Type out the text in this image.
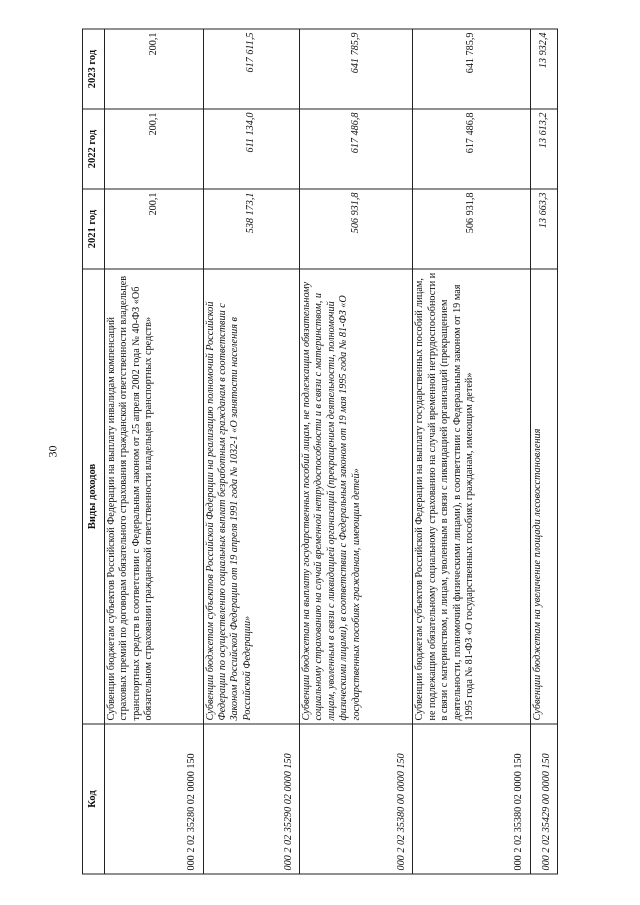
30
Код	Виды доходов	2021 год	2022 год	2023 год
000 2 02 35280 02 0000 150	Субвенции бюджетам субъектов Российской Федерации на выплату инвалидам компенсаций страховых премий по договорам обязательного страхования гражданской ответственности владельцев транспортных средств в соответствии с Федеральным законом от 25 апреля 2002 года № 40-ФЗ «Об обязательном страховании гражданской ответственности владельцев транспортных средств»	200,1	200,1	200,1
000 2 02 35290 02 0000 150	Субвенции бюджетам субъектов Российской Федерации на реализацию полномочий Российской Федерации по осуществлению социальных выплат безработным гражданам в соответствии с Законом Российской Федерации от 19 апреля 1991 года № 1032-1 «О занятости населения в Российской Федерации»	538 173,1	611 134,0	617 611,5
000 2 02 35380 00 0000 150	Субвенции бюджетам на выплату государственных пособий лицам, не подлежащим обязательному социальному страхованию на случай временной нетрудоспособности и в связи с материнством, и лицам, уволенным в связи с ликвидацией организаций (прекращением деятельности, полномочий физическими лицами), в соответствии с Федеральным законом от 19 мая 1995 года № 81-ФЗ «О государственных пособиях гражданам, имеющим детей»	506 931,8	617 486,8	641 785,9
000 2 02 35380 02 0000 150	Субвенции бюджетам субъектов Российской Федерации на выплату государственных пособий лицам, не подлежащим обязательному социальному страхованию на случай временной нетрудоспособности и в связи с материнством, и лицам, уволенным в связи с ликвидацией организаций (прекращением деятельности, полномочий физическими лицами), в соответствии с Федеральным законом от 19 мая 1995 года № 81-ФЗ «О государственных пособиях гражданам, имеющим детей»	506 931,8	617 486,8	641 785,9
000 2 02 35429 00 0000 150	Субвенции бюджетам на увеличение площади лесовосстановления	13 663,3	13 613,2	13 932,4
